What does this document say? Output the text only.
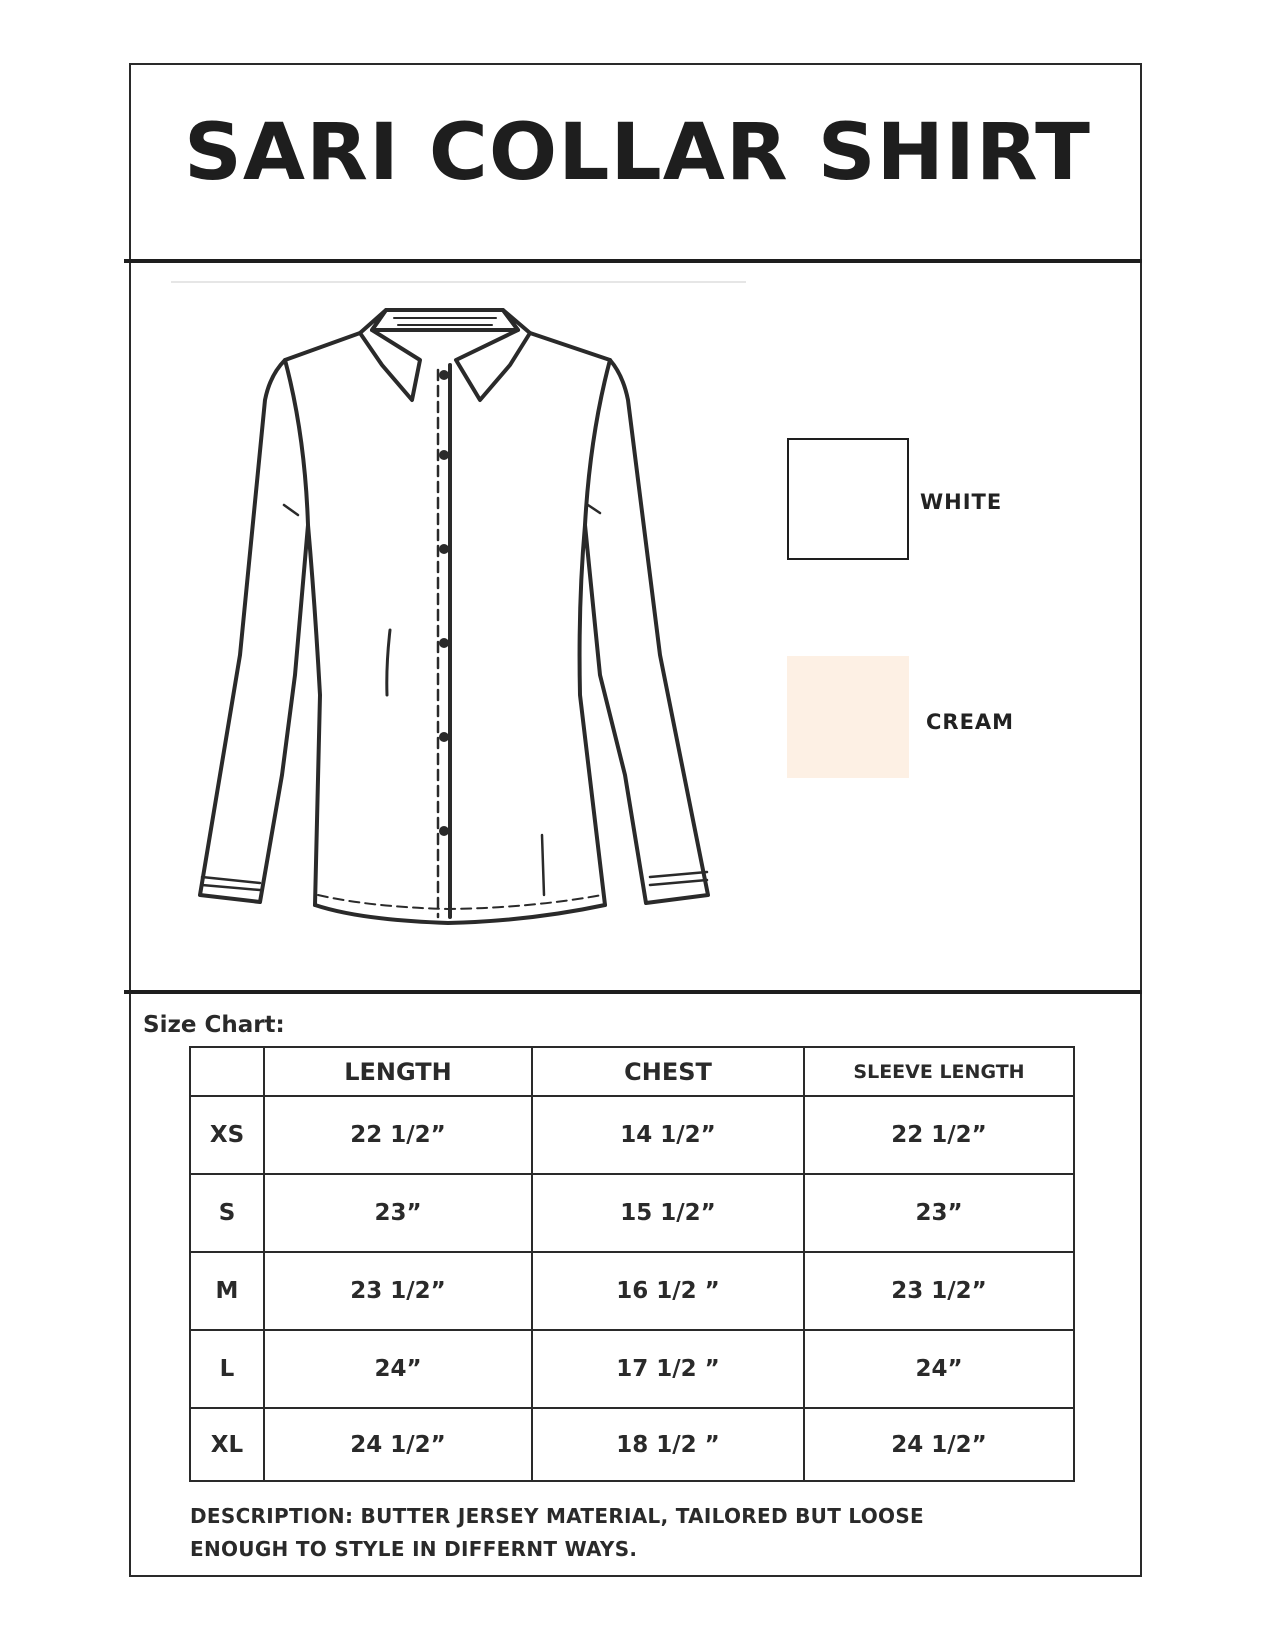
SARI COLLAR SHIRT
WHITE
CREAM
Size Chart:
	LENGTH	CHEST	SLEEVE LENGTH
XS	22 1/2”	14 1/2”	22 1/2”
S	23”	15 1/2”	23”
M	23 1/2”	16 1/2 ”	23 1/2”
L	24”	17 1/2 ”	24”
XL	24 1/2”	18 1/2 ”	24 1/2”
DESCRIPTION: BUTTER JERSEY MATERIAL, TAILORED BUT LOOSE
ENOUGH TO STYLE IN DIFFERNT WAYS.
